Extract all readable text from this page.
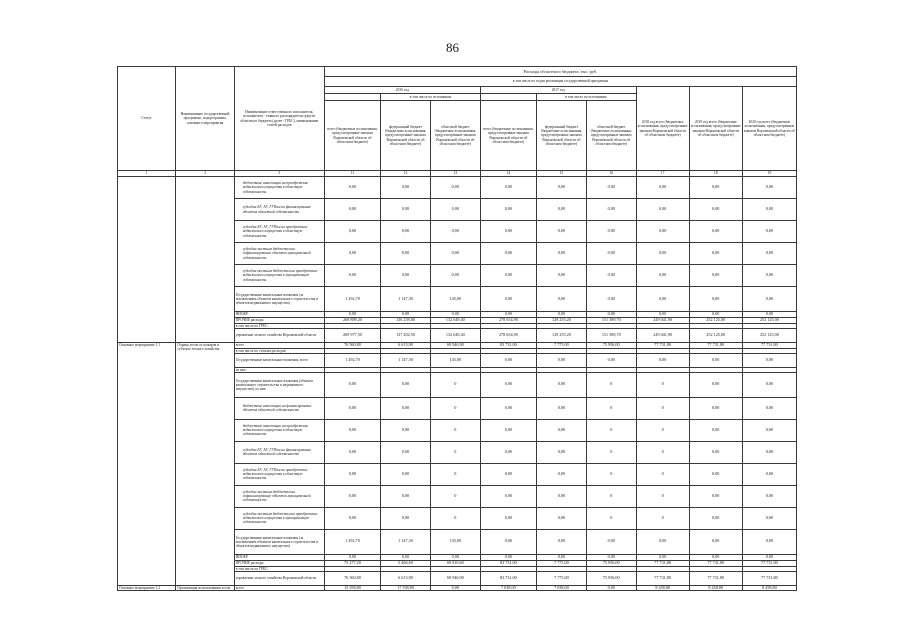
86
Статус	Наименование государственной программы, подпрограммы, основного мероприятия	Наименование ответственного исполнителя, исполнителя - главного распорядителя средств областного бюджета (далее - ГРБС), наименование статей расходов	Расходы областного бюджета, тыс. руб.								
			в том числе по годам реализации государственной программы								
			2016 год			2017 год			2018 год всего (бюджетные ассигнования, предусмотренные законом Воронежской области об областном бюджете)	2019 год всего (бюджетные ассигнования, предусмотренные законом Воронежской области об областном бюджете)	2020 год всего (бюджетные ассигнования, предусмотренные законом Воронежской области об областном бюджете)
				в том числе по источникам			в том числе по источникам:				
			всего (бюджетные ассигнования, предусмотренные законом Воронежской области об областном бюджете)	федеральный бюджет (бюджетные ассигнования, предусмотренные законом Воронежской области об областном бюджете)	областной бюджет (бюджетные ассигнования, предусмотренные законом Воронежской области об областном бюджете)	всего (бюджетные ассигнования, предусмотренные законом Воронежской области об областном бюджете)	федеральный бюджет (бюджетные ассигнования, предусмотренные законом Воронежской области об областном бюджете)	областной бюджет (бюджетные ассигнования, предусмотренные законом Воронежской области об областном бюджете)			
1	2	3	11	12	13	14	15	16	17	18	19
		бюджетные инвестиции на приобретение недвижимого имущества в областную собственность	0,00	0,00	0,00	0,00	0,00	0,00	0,00	0,00	0,00
		субсидии БУ, АУ, ГУПам на финансирование объектов областной собственности	0,00	0,00	0,00	0,00	0,00	0,00	0,00	0,00	0,00
		субсидии БУ, АУ, ГУПам на приобретение недвижимого имущества в областную собственность	0,00	0,00	0,00	0,00	0,00	0,00	0,00	0,00	0,00
		субсидии местным бюджетам на софинансирование объектов муниципальной собственности	0,00	0,00	0,00	0,00	0,00	0,00	0,00	0,00	0,00
		субсидии местным бюджетам на приобретение недвижимого имущества в муниципальную собственность	0,00	0,00	0,00	0,00	0,00	0,00	0,00	0,00	0,00
		Государственные капитальные вложения (за исключением объектов капитального строительства и объектов недвижимого имущества)	1 292,70	1 147,30	145,00	0,00	0,00	0,00	0,00	0,00	0,00
		НИОКР	0,00	0,00	0,00	0,00	0,00	0,00	0,00	0,00	0,00
		ПРОЧИЕ расходы	268 889,20	136 239,80	132 649,40	278 654,90	129 255,20	151 389,70	249 041,90	252 125,00	252 125,00
		в том числе по ГРБС:									
		управление лесного хозяйства Воронежской области	269 977,50	137 202,50	132 649,40	278 654,90	129 255,20	151 389,70	249 041,90	252 125,00	252 125,00
Основное мероприятие 1.1	Охрана лесов от пожаров в субъекте лесного хозяйства	всего	76 560,80	6 613,90	69 946,90	83 731,00	7 775,00	75 956,00	77 731,80	77 731,80	77 731,80
		в том числе по статьям расходов:									
		Государственные капитальные вложения, всего	1 292,70	1 147,30	145,00	0,00	0,00	0,00	0,00	0,00	0,00
		из них:									
		Государственные капитальные вложения (объекты капитального строительства и недвижимого имущества), из них:	0,00	0,00	0	0,00	0,00	0	0	0,00	0,00
		бюджетные инвестиции на финансирование объектов областной собственности	0,00	0,00	0	0,00	0,00	0	0	0,00	0,00
		бюджетные инвестиции на приобретение недвижимого имущества в областную собственность	0,00	0,00	0	0,00	0,00	0	0	0,00	0,00
		субсидии БУ, АУ, ГУПам на финансирование объектов областной собственности	0,00	0,00	0	0,00	0,00	0	0	0,00	0,00
		субсидии БУ, АУ, ГУПам на приобретение недвижимого имущества в областную собственность	0,00	0,00	0	0,00	0,00	0	0	0,00	0,00
		субсидии местным бюджетам на софинансирование объектов муниципальной собственности	0,00	0,00	0	0,00	0,00	0	0	0,00	0,00
		субсидии местным бюджетам на приобретение недвижимого имущества в муниципальную собственность	0,00	0,00	0	0,00	0,00	0	0	0,00	0,00
		Государственные капитальные вложения (за исключением объектов капитального строительства и объектов недвижимого имущества)	1 292,70	1 147,30	145,00	0,00	0,00	0,00	0,00	0,00	0,00
		НИОКР	0,00	0,00	0,00	0,00	0,00	0,00	0,00	0,00	0,00
		ПРОЧИЕ расходы	75 277,20	5 466,60	69 810,60	83 731,00	7 775,00	75 956,00	77 731,80	77 731,80	77 731,80
		в том числе по ГРБС:									
		управление лесного хозяйства Воронежской области	76 560,80	6 613,90	69 946,90	83 731,00	7 775,00	75 956,00	77 731,80	77 731,80	77 731,80
Основное мероприятие 1.2	Организация использования лесов	всего	13 558,80	17 558,80	0,00	7 038,00	7 038,00	0,00	8 458,80	8 458,80	8 458,80
